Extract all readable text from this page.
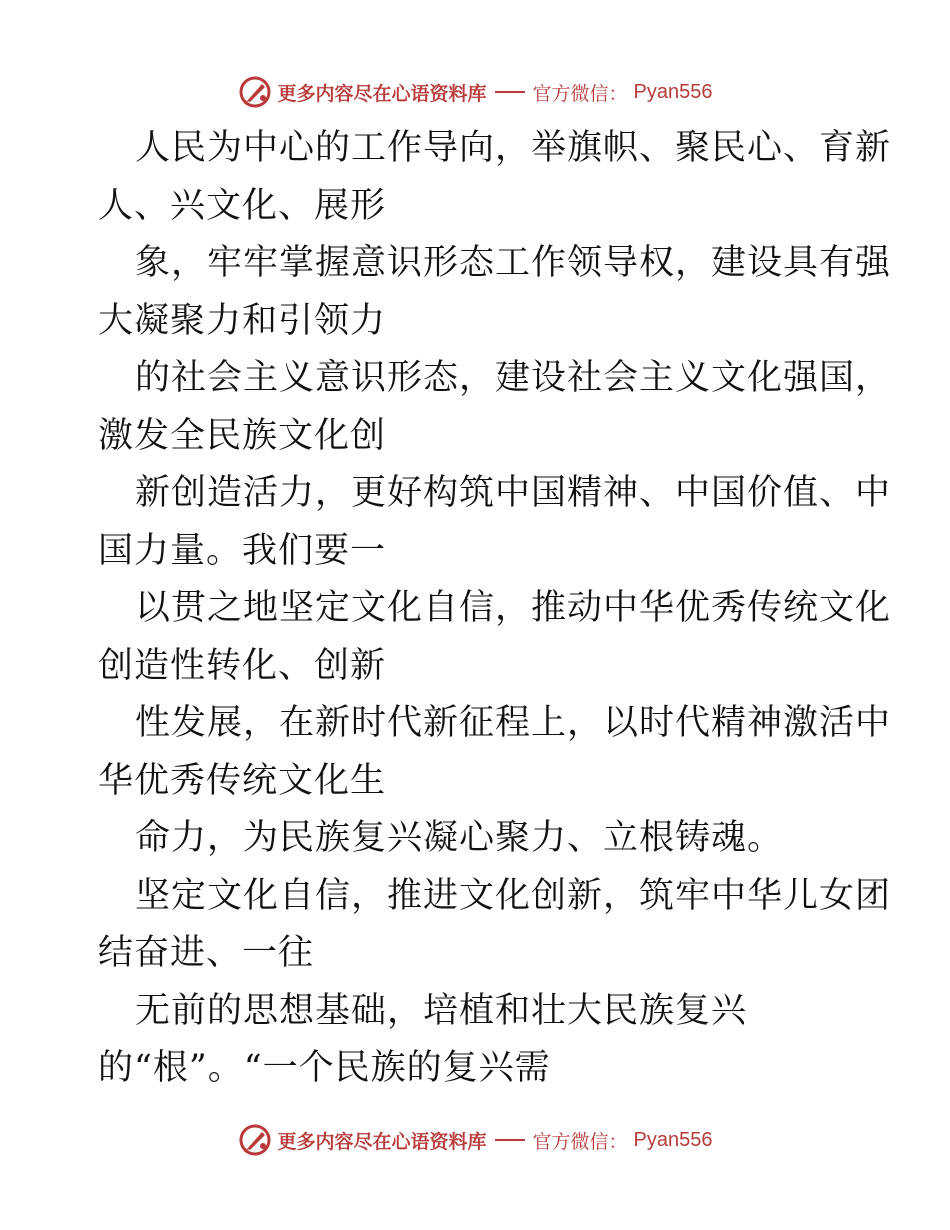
更多内容尽在心语资料库 官方微信： Pyan556
人民为中心的工作导向，举旗帜、聚民心、育新
人、兴文化、展形
象，牢牢掌握意识形态工作领导权，建设具有强
大凝聚力和引领力
的社会主义意识形态，建设社会主义文化强国，
激发全民族文化创
新创造活力，更好构筑中国精神、中国价值、中
国力量。我们要一
以贯之地坚定文化自信，推动中华优秀传统文化
创造性转化、创新
性发展，在新时代新征程上，以时代精神激活中
华优秀传统文化生
命力，为民族复兴凝心聚力、立根铸魂。
坚定文化自信，推进文化创新，筑牢中华儿女团
结奋进、一往
无前的思想基础，培植和壮大民族复兴
的“根”。“一个民族的复兴需
更多内容尽在心语资料库 官方微信： Pyan556
